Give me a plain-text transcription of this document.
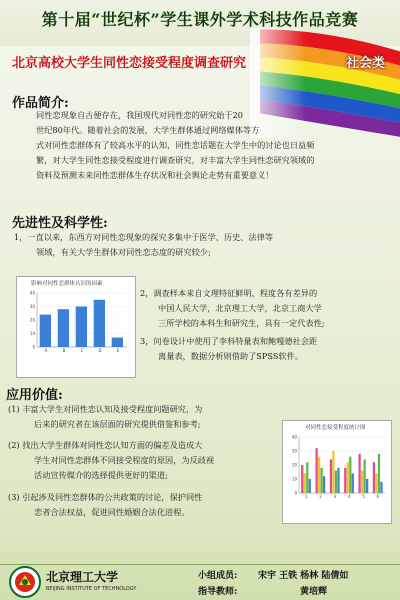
第十届“世纪杯”学生课外学术科技作品竞赛
北京高校大学生同性恋接受程度调查研究	社会类
作品简介:

同性恋现象自古便存在，我国现代对同性恋的研究始于20

世纪80年代。随着社会的发展，大学生群体通过网络媒体等方

式对同性恋群体有了较高水平的认知，同性恋话题在大学生中的讨论也日益频

繁，对大学生同性恋接受程度进行调查研究，对丰富大学生同性恋研究领域的

资料及预测未来同性恋群体生存状况和社会舆论走势有重要意义！

先进性及科学性:

1，一直以来，东西方对同性恋现象的探究多集中于医学、历史、法律等

领域，有关大学生群体对同性恋态度的研究较少;

影响对同性恋群体认识的因素
0
10
20
30
40
A	B	C	D	E

2，调查样本来自文理特征鲜明，程度各有差异的

中国人民大学，北京理工大学，北京工商大学

三所学校的本科生和研究生，具有一定代表性;

3，问卷设计中使用了李科特量表和鲍嘎德社会距

离量表，数据分析则借助了SPSS软件。

应用价值:

(1) 丰富大学生对同性恋认知及接受程度问题研究，为

后来的研究者在该层面的研究提供借鉴和参考;

(2) 找出大学生群体对同性恋认知方面的偏差及造成大

学生对同性恋群体不同接受程度的原因，为反歧视

活动宣传媒介的选择提供更好的渠道;

(3) 引起涉及同性恋群体的公共政策的讨论，保护同性

恋者合法权益，促进同性婚姻合法化进程。

对同性恋接受程度统计图
0
10
20
30
40
1	2	3	4	5	6
北京理工大学
BEIJING INSTITUTE OF TECHNOLOGY
小组成员: 宋宇 王铁 杨林 陆倩如
指导教师:	黄培辉
